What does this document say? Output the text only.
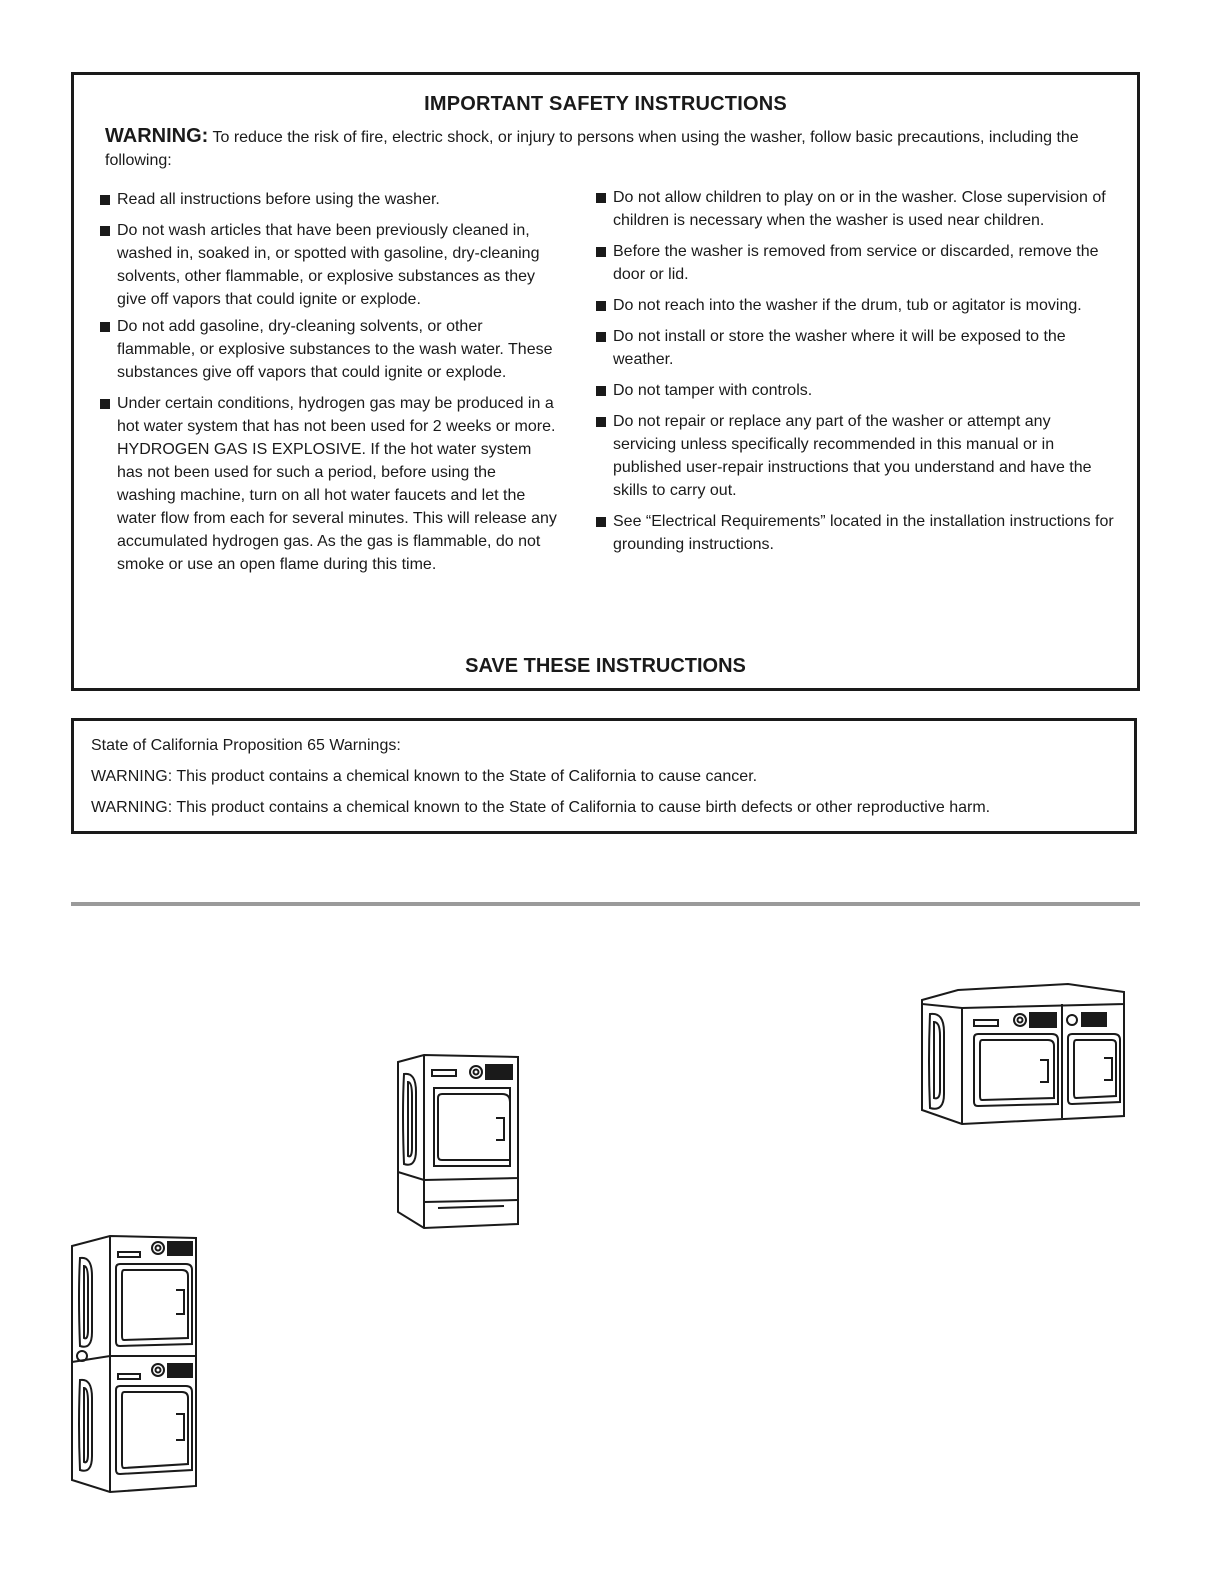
IMPORTANT SAFETY INSTRUCTIONS
WARNING: To reduce the risk of fire, electric shock, or injury to persons when using the washer, follow basic precautions, including the following:
Read all instructions before using the washer.
Do not wash articles that have been previously cleaned in, washed in, soaked in, or spotted with gasoline, dry-cleaning solvents, other flammable, or explosive substances as they give off vapors that could ignite or explode.
Do not add gasoline, dry-cleaning solvents, or other flammable, or explosive substances to the wash water. These substances give off vapors that could ignite or explode.
Under certain conditions, hydrogen gas may be produced in a hot water system that has not been used for 2 weeks or more. HYDROGEN GAS IS EXPLOSIVE. If the hot water system has not been used for such a period, before using the washing machine, turn on all hot water faucets and let the water flow from each for several minutes. This will release any accumulated hydrogen gas. As the gas is flammable, do not smoke or use an open flame during this time.
Do not allow children to play on or in the washer. Close supervision of children is necessary when the washer is used near children.
Before the washer is removed from service or discarded, remove the door or lid.
Do not reach into the washer if the drum, tub or agitator is moving.
Do not install or store the washer where it will be exposed to the weather.
Do not tamper with controls.
Do not repair or replace any part of the washer or attempt any servicing unless specifically recommended in this manual or in published user-repair instructions that you understand and have the skills to carry out.
See “Electrical Requirements” located in the installation instructions for grounding instructions.
SAVE THESE INSTRUCTIONS
State of California Proposition 65 Warnings:
WARNING: This product contains a chemical known to the State of California to cause cancer.
WARNING: This product contains a chemical known to the State of California to cause birth defects or other reproductive harm.
